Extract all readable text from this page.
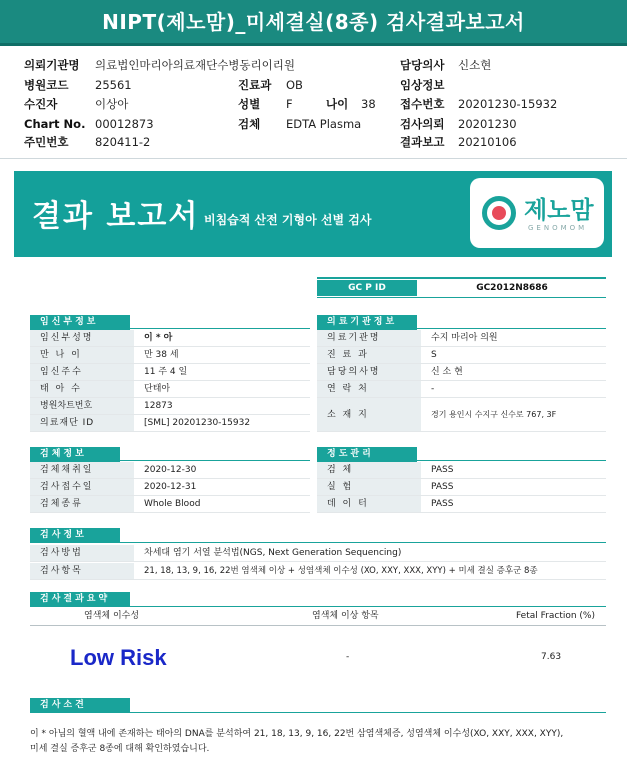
NIPT(제노맘)_미세결실(8종) 검사결과보고서
의뢰기관명 의료법인마리아의료재단수병동리이리원	담당의사 신소현
병원코드 25561	진료과 OB	임상정보
수진자	이상아	성별 F	나이 38 접수번호 20201230-15932
Chart No. 00012873	검체 EDTA Plasma	검사의뢰 20201230
주민번호 820411-2	결과보고 20210106
결과 보고서 비침습적 산전 기형아 선별 검사	제노맘
GENOMOM
GC P ID	GC2012N8686
임신부정보
임신부성명	이 * 아
만 나 이	만 38 세
임신주수	11 주 4 일
태 아 수	단태아
병원차트번호	12873
의료재단 ID	[SML] 20201230-15932
의료기관정보
의료기관명	수지 마리아 의원
진 료 과	S
담당의사명	신 소 현
연 락 처	-
소 재 지	경기 용인시 수지구 신수로 767, 3F
검체정보
검체채취일	2020-12-30
검사접수일	2020-12-31
검체종류	Whole Blood
정도관리
검 체	PASS
실 험	PASS
데 이 터	PASS
검사정보
검사방법	차세대 염기 서열 분석법(NGS, Next Generation Sequencing)
검사항목	21, 18, 13, 9, 16, 22번 염색체 이상 + 성염색체 이수성 (XO, XXY, XXX, XYY) + 미세 결실 증후군 8종
검사결과요약
염색체 이수성	염색체 이상 항목	Fetal Fraction (%)
Low Risk	-	7.63
검사소견
이 * 아님의 혈액 내에 존재하는 태아의 DNA를 분석하여 21, 18, 13, 9, 16, 22번 삼염색체증, 성염색체 이수성(XO, XXY, XXX, XYY),
미세 결실 증후군 8종에 대해 확인하였습니다.
